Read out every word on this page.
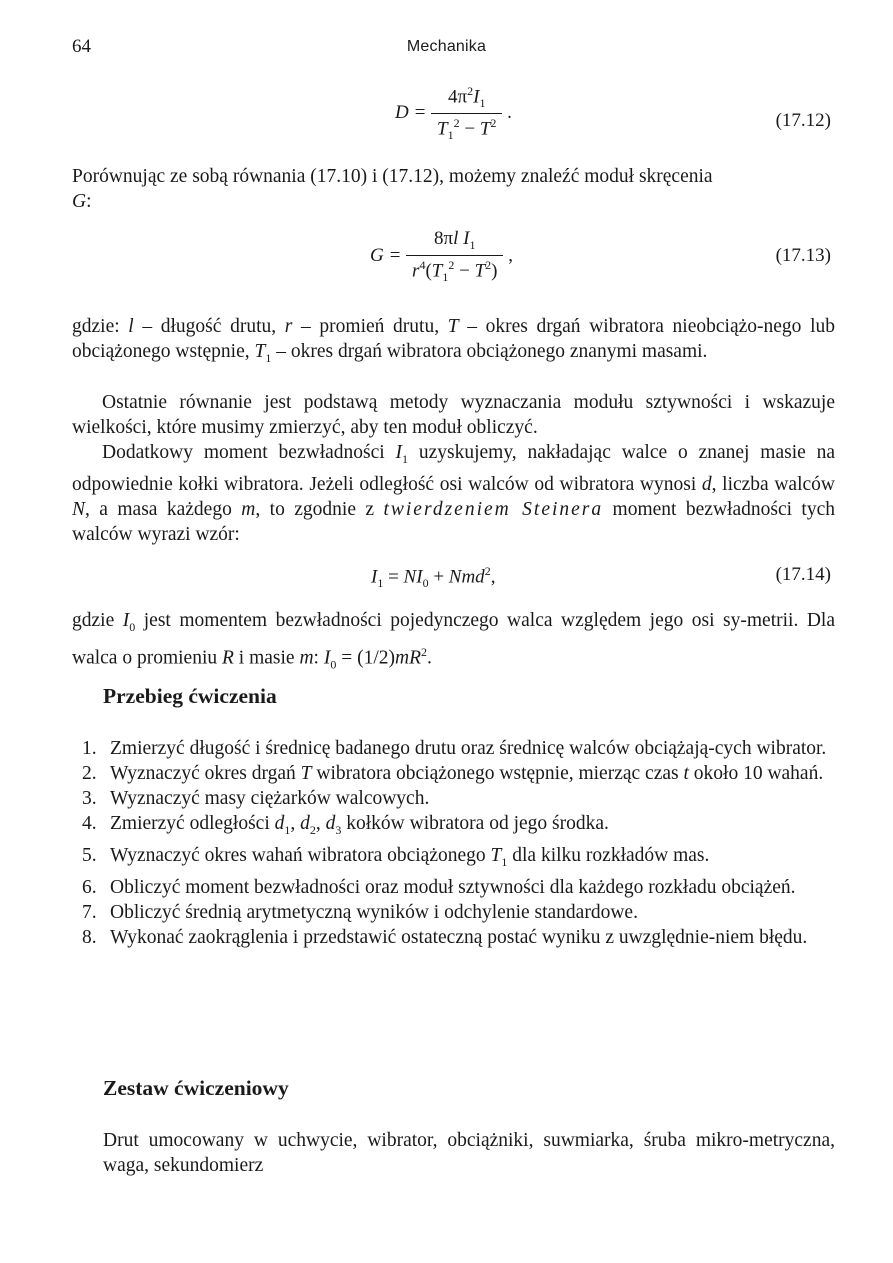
64	Mechanika
$D = \frac{4\pi^2I_1}{T_1^2 - T^2}$ .	(17.12)
Porównując ze sobą równania (17.10) i (17.12), możemy znaleźć moduł skręcenia
G:
$G = \frac{8\pi l I_1}{r^4(T_1^2 - T^2)}$ ,	(17.13)
gdzie: l – długość drutu, r – promień drutu, T – okres drgań wibratora nieobciążo-nego lub obciążonego wstępnie, $T_1$ – okres drgań wibratora obciążonego znanymi masami.
Ostatnie równanie jest podstawą metody wyznaczania modułu sztywności i wskazuje wielkości, które musimy zmierzyć, aby ten moduł obliczyć.
Dodatkowy moment bezwładności $I_1$ uzyskujemy, nakładając walce o znanej masie na odpowiednie kołki wibratora. Jeżeli odległość osi walców od wibratora wynosi d, liczba walców N, a masa każdego m, to zgodnie z twierdzeniem Steinera moment bezwładności tych walców wyrazi wzór:
$I_1 = NI_0 + Nmd^2$,	(17.14)
gdzie $I_0$ jest momentem bezwładności pojedynczego walca względem jego osi sy-metrii. Dla walca o promieniu R i masie m: $I_0 = (1/2)mR^2$.
Przebieg ćwiczenia
1. Zmierzyć długość i średnicę badanego drutu oraz średnicę walców obciążają-cych wibrator.
2. Wyznaczyć okres drgań T wibratora obciążonego wstępnie, mierząc czas t około 10 wahań.
3. Wyznaczyć masy ciężarków walcowych.
4. Zmierzyć odległości $d_1$, $d_2$, $d_3$ kołków wibratora od jego środka.
5. Wyznaczyć okres wahań wibratora obciążonego $T_1$ dla kilku rozkładów mas.
6. Obliczyć moment bezwładności oraz moduł sztywności dla każdego rozkładu obciążeń.
7. Obliczyć średnią arytmetyczną wyników i odchylenie standardowe.
8. Wykonać zaokrąglenia i przedstawić ostateczną postać wyniku z uwzględnie-niem błędu.
Zestaw ćwiczeniowy
Drut umocowany w uchwycie, wibrator, obciążniki, suwmiarka, śruba mikro-metryczna, waga, sekundomierz
